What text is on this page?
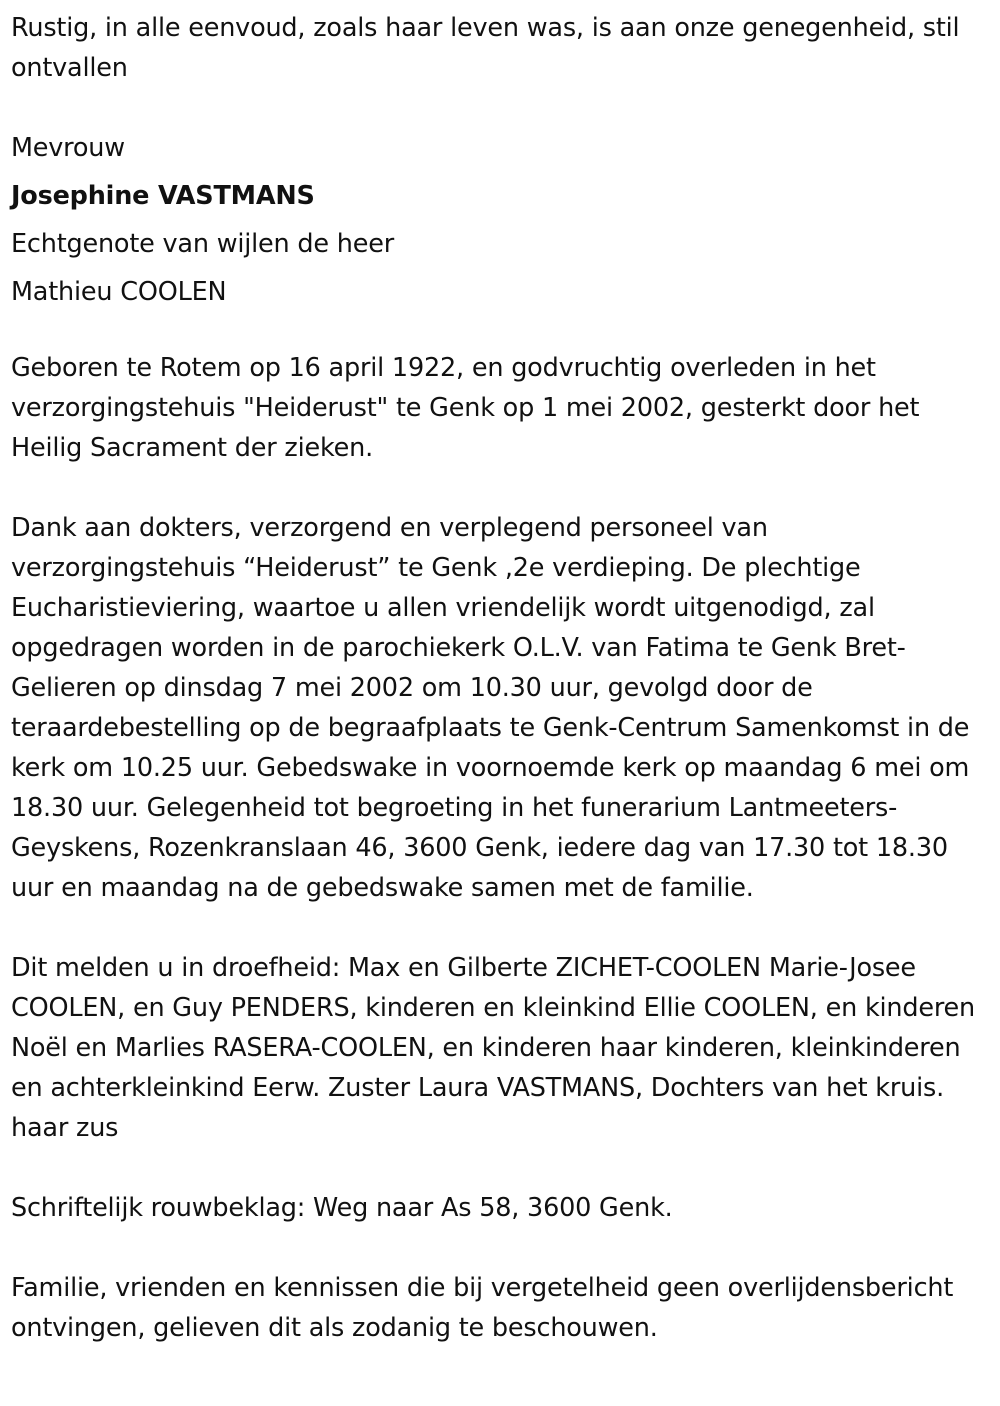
Rustig, in alle eenvoud, zoals haar leven was, is aan onze genegenheid, stil ontvallen

Mevrouw

Josephine VASTMANS

Echtgenote van wijlen de heer

Mathieu COOLEN

Geboren te Rotem op 16 april 1922, en godvruchtig overleden in het verzorgingstehuis "Heiderust" te Genk op 1 mei 2002, gesterkt door het Heilig Sacrament der zieken.

Dank aan dokters, verzorgend en verplegend personeel van verzorgingstehuis “Heiderust” te Genk ,2e verdieping. De plechtige Eucharistieviering, waartoe u allen vriendelijk wordt uitgenodigd, zal opgedragen worden in de parochiekerk O.L.V. van Fatima te Genk Bret-Gelieren op dinsdag 7 mei 2002 om 10.30 uur, gevolgd door de teraardebestelling op de begraafplaats te Genk-Centrum Samenkomst in de kerk om 10.25 uur. Gebedswake in voornoemde kerk op maandag 6 mei om 18.30 uur. Gelegenheid tot begroeting in het funerarium Lantmeeters-Geyskens, Rozenkranslaan 46, 3600 Genk, iedere dag van 17.30 tot 18.30 uur en maandag na de gebedswake samen met de familie.

Dit melden u in droefheid: Max en Gilberte ZICHET-COOLEN Marie-Josee COOLEN, en Guy PENDERS, kinderen en kleinkind Ellie COOLEN, en kinderen Noël en Marlies RASERA-COOLEN, en kinderen haar kinderen, kleinkinderen en achterkleinkind Eerw. Zuster Laura VASTMANS, Dochters van het kruis. haar zus

Schriftelijk rouwbeklag: Weg naar As 58, 3600 Genk.

Familie, vrienden en kennissen die bij vergetelheid geen overlijdensbericht ontvingen, gelieven dit als zodanig te beschouwen.
